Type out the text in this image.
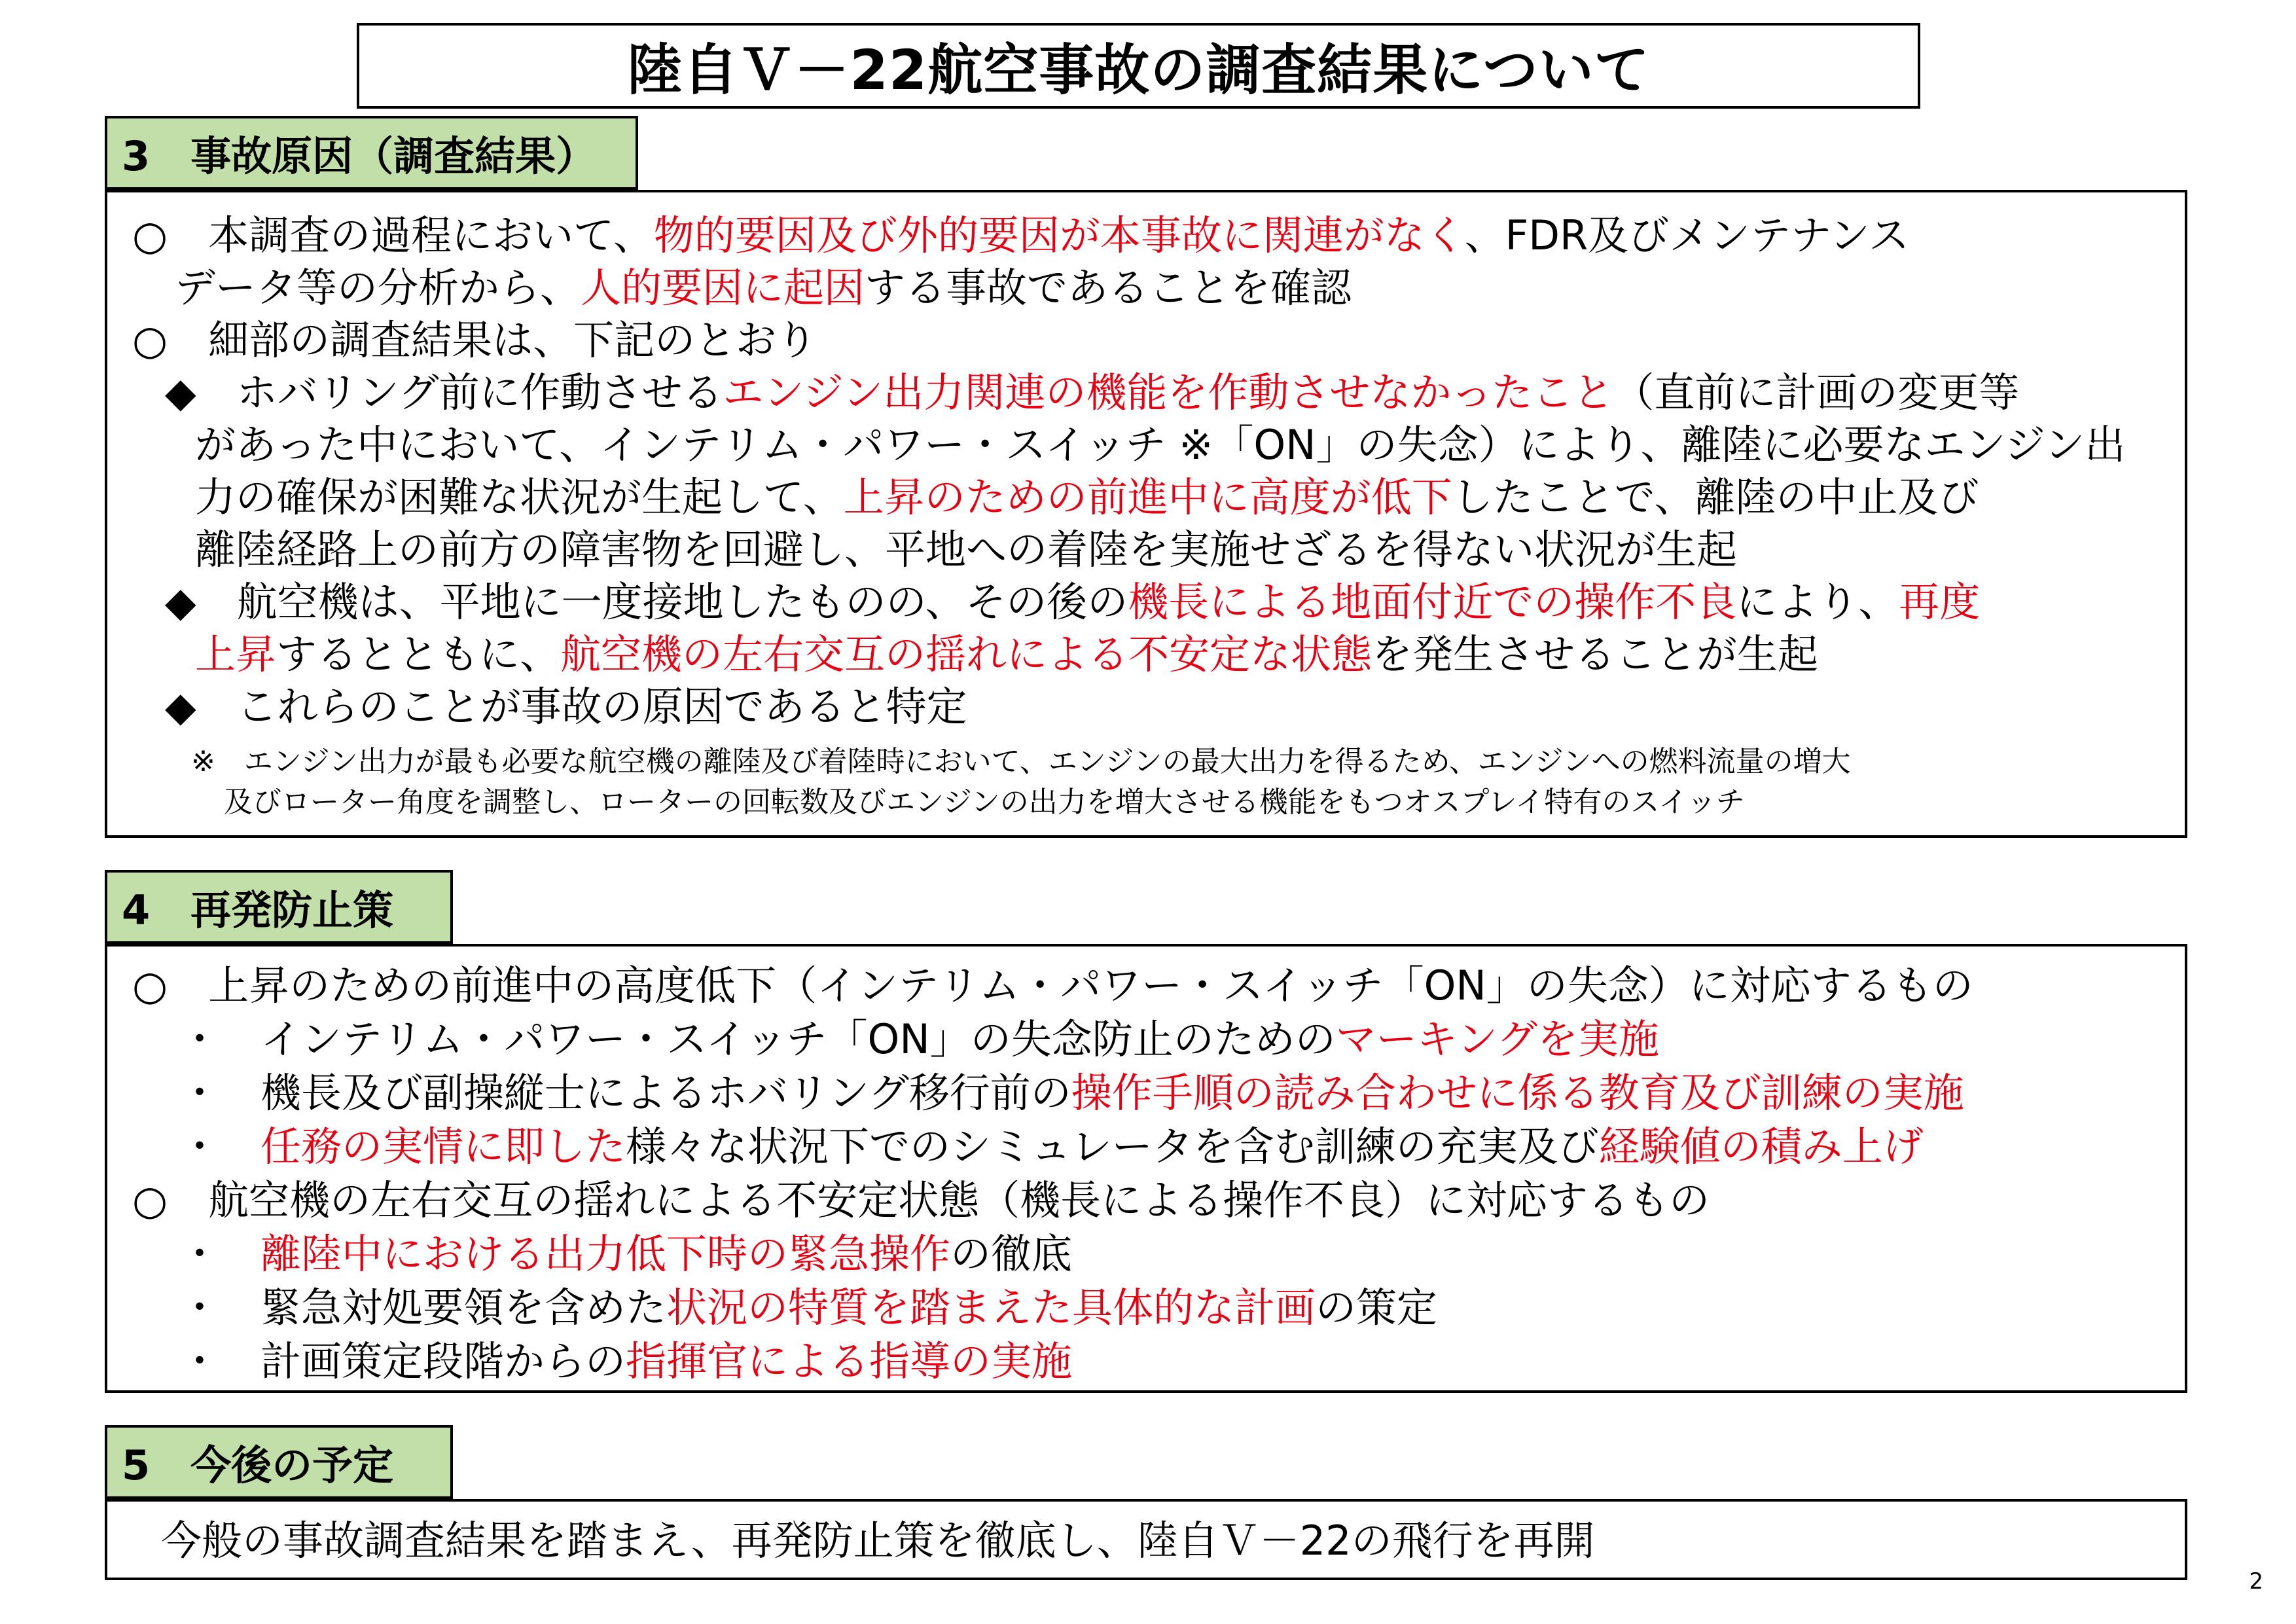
陸自Ｖ－22航空事故の調査結果について
3　事故原因（調査結果）
○　本調査の過程において、物的要因及び外的要因が本事故に関連がなく、FDR及びメンテナンス
データ等の分析から、人的要因に起因する事故であることを確認
○　細部の調査結果は、下記のとおり
◆　ホバリング前に作動させるエンジン出力関連の機能を作動させなかったこと（直前に計画の変更等
があった中において、インテリム・パワー・スイッチ ※「ON」の失念）により、離陸に必要なエンジン出
力の確保が困難な状況が生起して、上昇のための前進中に高度が低下したことで、離陸の中止及び
離陸経路上の前方の障害物を回避し、平地への着陸を実施せざるを得ない状況が生起
◆　航空機は、平地に一度接地したものの、その後の機長による地面付近での操作不良により、再度
上昇するとともに、航空機の左右交互の揺れによる不安定な状態を発生させることが生起
◆　これらのことが事故の原因であると特定
※　エンジン出力が最も必要な航空機の離陸及び着陸時において、エンジンの最大出力を得るため、エンジンへの燃料流量の増大
及びローター角度を調整し、ローターの回転数及びエンジンの出力を増大させる機能をもつオスプレイ特有のスイッチ
4　再発防止策
○　上昇のための前進中の高度低下（インテリム・パワー・スイッチ「ON」の失念）に対応するもの
・　インテリム・パワー・スイッチ「ON」の失念防止のためのマーキングを実施
・　機長及び副操縦士によるホバリング移行前の操作手順の読み合わせに係る教育及び訓練の実施
・　任務の実情に即した様々な状況下でのシミュレータを含む訓練の充実及び経験値の積み上げ
○　航空機の左右交互の揺れによる不安定状態（機長による操作不良）に対応するもの
・　離陸中における出力低下時の緊急操作の徹底
・　緊急対処要領を含めた状況の特質を踏まえた具体的な計画の策定
・　計画策定段階からの指揮官による指導の実施
5　今後の予定
今般の事故調査結果を踏まえ、再発防止策を徹底し、陸自Ｖ－22の飛行を再開
2
